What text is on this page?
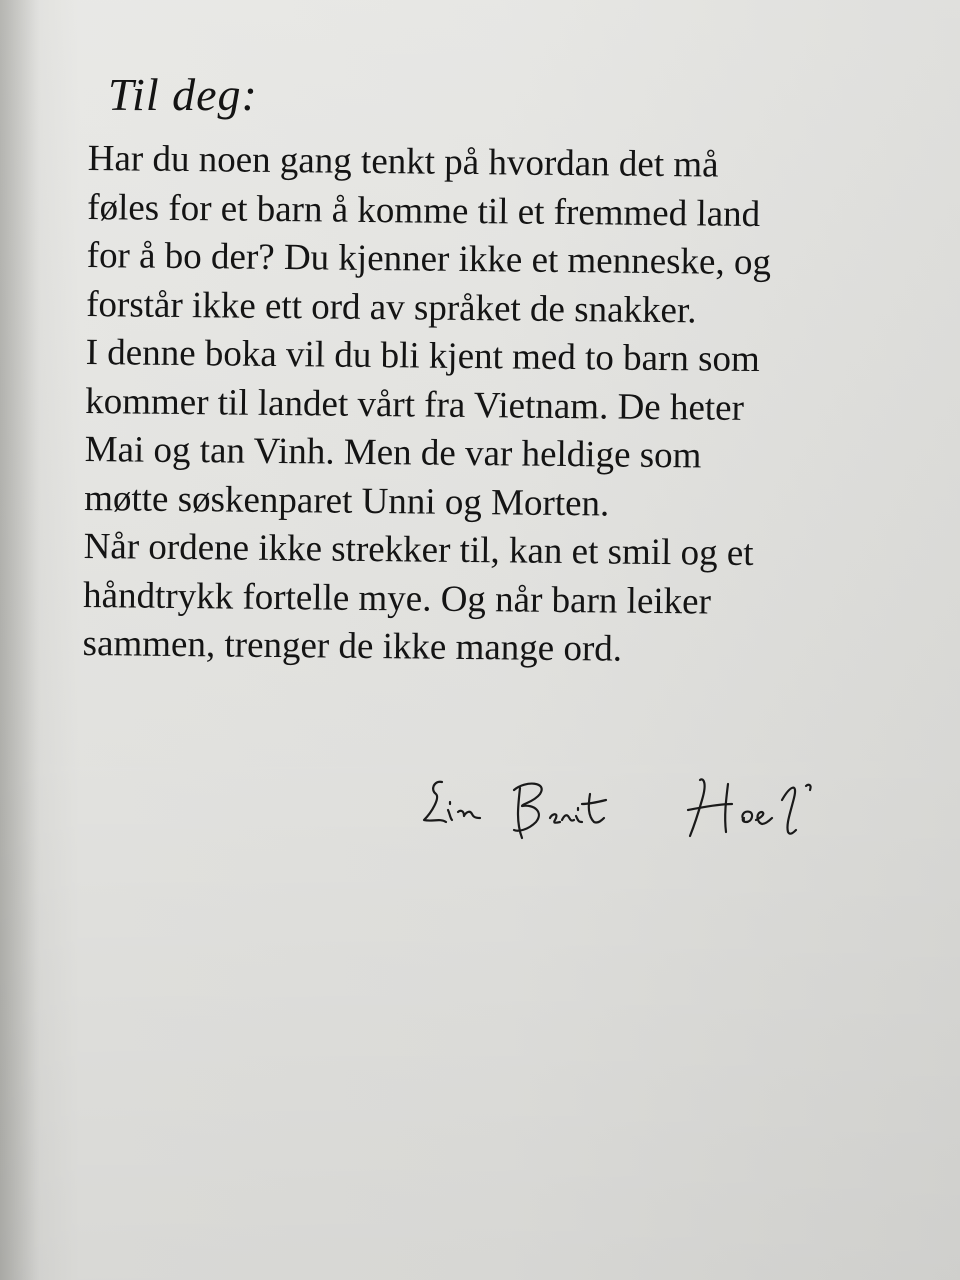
Til deg:
Har du noen gang tenkt på hvordan det må
føles for et barn å komme til et fremmed land
for å bo der? Du kjenner ikke et menneske, og
forstår ikke ett ord av språket de snakker.
I denne boka vil du bli kjent med to barn som
kommer til landet vårt fra Vietnam. De heter
Mai og tan Vinh. Men de var heldige som
møtte søskenparet Unni og Morten.
Når ordene ikke strekker til, kan et smil og et
håndtrykk fortelle mye. Og når barn leiker
sammen, trenger de ikke mange ord.
